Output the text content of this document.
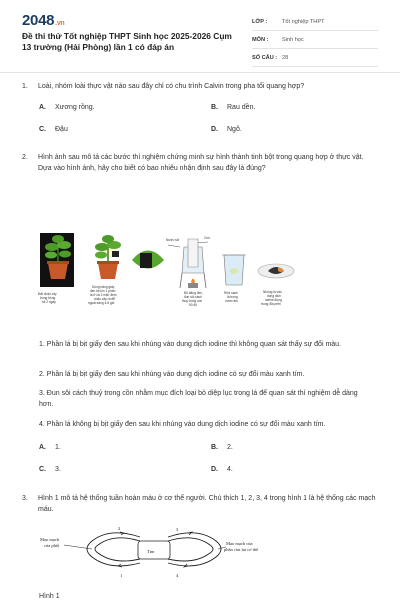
2048.vn
Đề thi thử Tốt nghiệp THPT Sinh học 2025-2026 Cụm 13 trường (Hải Phòng) lần 1 có đáp án
LỚP :	Tốt nghiệp THPT
MÔN :	Sinh học
SỐ CÂU : 28
1. Loài, nhóm loài thực vật nào sau đây chỉ có chu trình Calvin trong pha tối quang hợp?
A. Xương rồng.	B. Rau dền.
C. Đậu	D. Ngô.
2. Hình ảnh sau mô tả các bước thí nghiệm chứng minh sự hình thành tinh bột trong quang hợp ở thực vật. Dựa vào hình ảnh, hãy cho biết có bao nhiêu nhận định sau đây là đúng?
Nước sôi	Cồn
Đặt chậu cây
trong bóng
tối 2 ngày
Dùng băng giấy
đen bịt kín 1 phần
lá ở cả 2 mặt, đem
chậu cây ra để
ngoài sáng 4-6 giờ
Bỏ băng đen,
đun sôi cách
thuỷ trong cồn
90 độ
Rửa sạch
lá trong
nước ấm
Nhúng lá vào
dung dịch
iodine đựng
trong đĩa petri
1. Phần lá bị bịt giấy đen sau khi nhúng vào dung dịch iodine thì không quan sát thấy sự đổi màu.
2. Phần lá bị bịt giấy đen sau khi nhúng vào dung dịch iodine có sự đổi màu xanh tím.
3. Đun sôi cách thuỷ trong cồn nhằm mục đích loại bỏ diệp lục trong lá để quan sát thí nghiệm dễ dàng hơn.
4. Phần lá không bị bịt giấy đen sau khi nhúng vào dung dịch iodine có sự đổi màu xanh tím.
A. 1.	B. 2.
C. 3.	D. 4.
3. Hình 1 mô tả hệ thống tuần hoàn máu ở cơ thể người. Chú thích 1, 2, 3, 4 trong hình 1 là hệ thống các mạch máu.
Mao mạch
của phổi	Mao mạch của
phần còn lại cơ thể
Tim
2	3
1	4
Hình 1
